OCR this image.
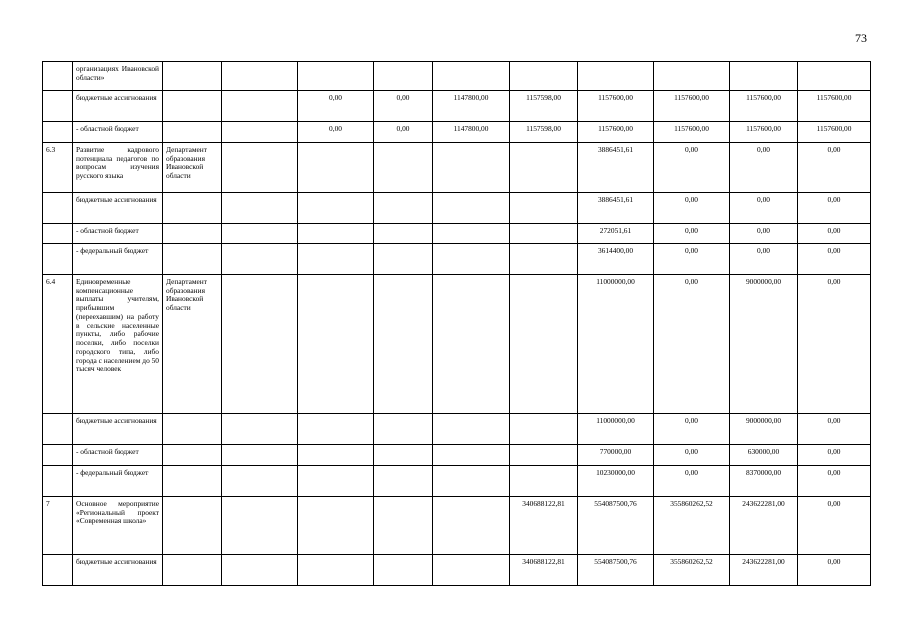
73
	организациях Ивановской области»											
	бюджетные ассигнования			0,00	0,00	1147800,00	1157598,00	1157600,00	1157600,00	1157600,00	1157600,00	
	- областной бюджет			0,00	0,00	1147800,00	1157598,00	1157600,00	1157600,00	1157600,00	1157600,00	
6.3	Развитие кадрового потенциала педагогов по вопросам изучения русского языка	Департамент образования Ивановской области						3886451,61	0,00	0,00	0,00	
	бюджетные ассигнования							3886451,61	0,00	0,00	0,00	
	- областной бюджет							272051,61	0,00	0,00	0,00	
	- федеральный бюджет							3614400,00	0,00	0,00	0,00	
6.4	Единовременные компенсационные выплаты учителям, прибывшим (переехавшим) на работу в сельские населенные пункты, либо рабочие поселки, либо поселки городского типа, либо города с населением до 50 тысяч человек	Департамент образования Ивановской области						11000000,00	0,00	9000000,00	0,00	
	бюджетные ассигнования							11000000,00	0,00	9000000,00	0,00	
	- областной бюджет							770000,00	0,00	630000,00	0,00	
	- федеральный бюджет							10230000,00	0,00	8370000,00	0,00	
7	Основное мероприятие «Региональный проект «Современная школа»						340688122,81	554087500,76	355860262,52	243622281,00	0,00	
	бюджетные ассигнования						340688122,81	554087500,76	355860262,52	243622281,00	0,00	
